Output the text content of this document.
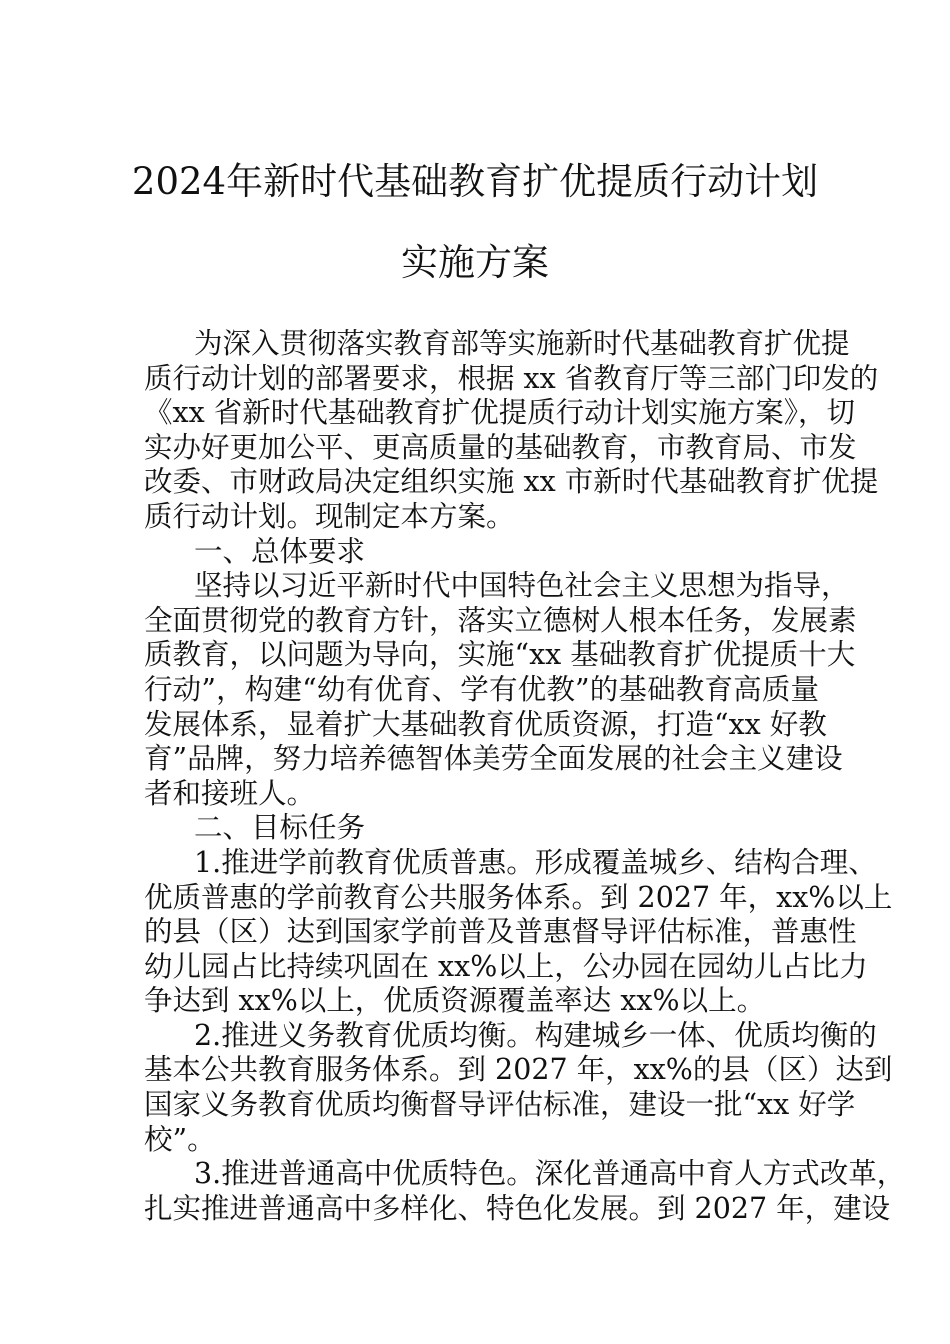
2024年新时代基础教育扩优提质行动计划
实施方案
为深入贯彻落实教育部等实施新时代基础教育扩优提
质行动计划的部署要求，根据 xx 省教育厅等三部门印发的
《xx 省新时代基础教育扩优提质行动计划实施方案》，切
实办好更加公平、更高质量的基础教育，市教育局、市发
改委、市财政局决定组织实施 xx 市新时代基础教育扩优提
质行动计划。现制定本方案。
一、总体要求
坚持以习近平新时代中国特色社会主义思想为指导，
全面贯彻党的教育方针，落实立德树人根本任务，发展素
质教育，以问题为导向，实施“xx 基础教育扩优提质十大
行动”，构建“幼有优育、学有优教”的基础教育高质量
发展体系，显着扩大基础教育优质资源，打造“xx 好教
育”品牌，努力培养德智体美劳全面发展的社会主义建设
者和接班人。
二、目标任务
1.推进学前教育优质普惠。形成覆盖城乡、结构合理、
优质普惠的学前教育公共服务体系。到 2027 年，xx%以上
的县（区）达到国家学前普及普惠督导评估标准，普惠性
幼儿园占比持续巩固在 xx%以上，公办园在园幼儿占比力
争达到 xx%以上，优质资源覆盖率达 xx%以上。
2.推进义务教育优质均衡。构建城乡一体、优质均衡的
基本公共教育服务体系。到 2027 年，xx%的县（区）达到
国家义务教育优质均衡督导评估标准，建设一批“xx 好学
校”。
3.推进普通高中优质特色。深化普通高中育人方式改革，
扎实推进普通高中多样化、特色化发展。到 2027 年，建设
